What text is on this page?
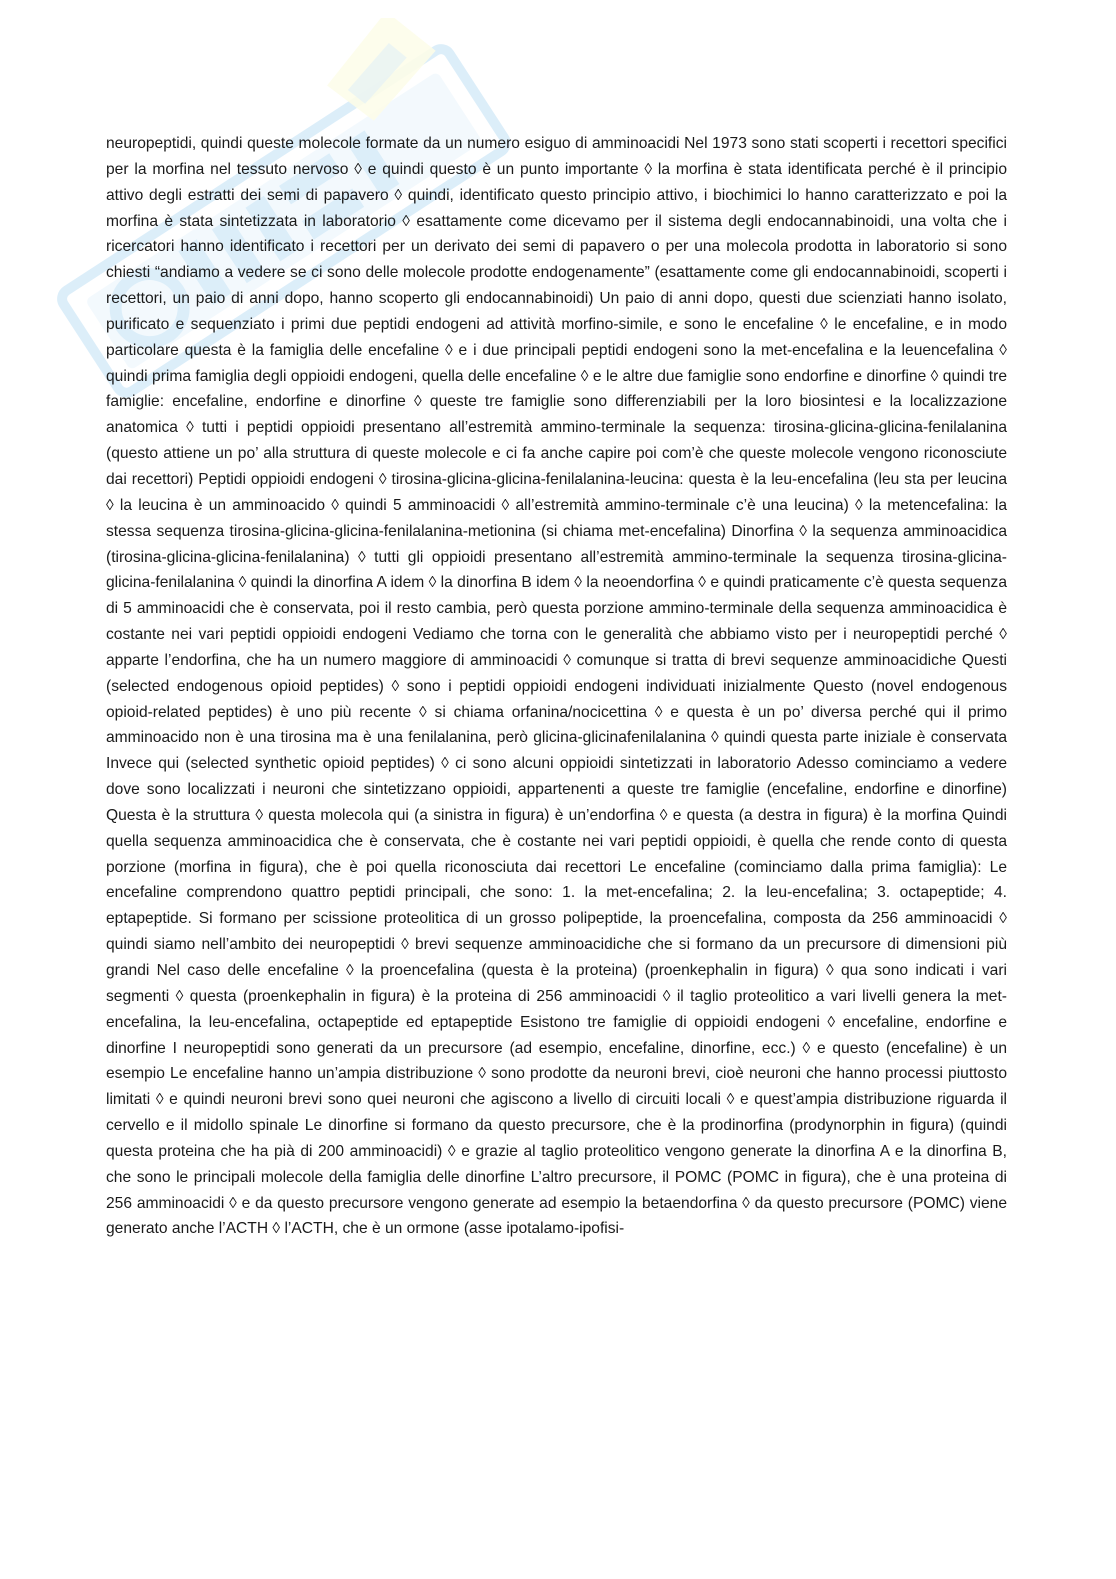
neuropeptidi, quindi queste molecole formate da un numero esiguo di amminoacidi Nel 1973 sono stati scoperti i recettori specifici per la morfina nel tessuto nervoso ◊ e quindi questo è un punto importante ◊ la morfina è stata identificata perché è il principio attivo degli estratti dei semi di papavero ◊ quindi, identificato questo principio attivo, i biochimici lo hanno caratterizzato e poi la morfina è stata sintetizzata in laboratorio ◊ esattamente come dicevamo per il sistema degli endocannabinoidi, una volta che i ricercatori hanno identificato i recettori per un derivato dei semi di papavero o per una molecola prodotta in laboratorio si sono chiesti “andiamo a vedere se ci sono delle molecole prodotte endogenamente” (esattamente come gli endocannabinoidi, scoperti i recettori, un paio di anni dopo, hanno scoperto gli endocannabinoidi) Un paio di anni dopo, questi due scienziati hanno isolato, purificato e sequenziato i primi due peptidi endogeni ad attività morfino-simile, e sono le encefaline ◊ le encefaline, e in modo particolare questa è la famiglia delle encefaline ◊ e i due principali peptidi endogeni sono la met-encefalina e la leuencefalina ◊ quindi prima famiglia degli oppioidi endogeni, quella delle encefaline ◊ e le altre due famiglie sono endorfine e dinorfine ◊ quindi tre famiglie: encefaline, endorfine e dinorfine ◊ queste tre famiglie sono differenziabili per la loro biosintesi e la localizzazione anatomica ◊ tutti i peptidi oppioidi presentano all’estremità ammino-terminale la sequenza: tirosina-glicina-glicina-fenilalanina (questo attiene un po’ alla struttura di queste molecole e ci fa anche capire poi com’è che queste molecole vengono riconosciute dai recettori) Peptidi oppioidi endogeni ◊ tirosina-glicina-glicina-fenilalanina-leucina: questa è la leu-encefalina (leu sta per leucina ◊ la leucina è un amminoacido ◊ quindi 5 amminoacidi ◊ all’estremità ammino-terminale c’è una leucina) ◊ la metencefalina: la stessa sequenza tirosina-glicina-glicina-fenilalanina-metionina (si chiama met-encefalina) Dinorfina ◊ la sequenza amminoacidica (tirosina-glicina-glicina-fenilalanina) ◊ tutti gli oppioidi presentano all’estremità ammino-terminale la sequenza tirosina-glicina-glicina-fenilalanina ◊ quindi la dinorfina A idem ◊ la dinorfina B idem ◊ la neoendorfina ◊ e quindi praticamente c’è questa sequenza di 5 amminoacidi che è conservata, poi il resto cambia, però questa porzione ammino-terminale della sequenza amminoacidica è costante nei vari peptidi oppioidi endogeni Vediamo che torna con le generalità che abbiamo visto per i neuropeptidi perché ◊ apparte l’endorfina, che ha un numero maggiore di amminoacidi ◊ comunque si tratta di brevi sequenze amminoacidiche Questi (selected endogenous opioid peptides) ◊ sono i peptidi oppioidi endogeni individuati inizialmente Questo (novel endogenous opioid-related peptides) è uno più recente ◊ si chiama orfanina/nocicettina ◊ e questa è un po’ diversa perché qui il primo amminoacido non è una tirosina ma è una fenilalanina, però glicina-glicinafenilalanina ◊ quindi questa parte iniziale è conservata Invece qui (selected synthetic opioid peptides) ◊ ci sono alcuni oppioidi sintetizzati in laboratorio Adesso cominciamo a vedere dove sono localizzati i neuroni che sintetizzano oppioidi, appartenenti a queste tre famiglie (encefaline, endorfine e dinorfine) Questa è la struttura ◊ questa molecola qui (a sinistra in figura) è un’endorfina ◊ e questa (a destra in figura) è la morfina Quindi quella sequenza amminoacidica che è conservata, che è costante nei vari peptidi oppioidi, è quella che rende conto di questa porzione (morfina in figura), che è poi quella riconosciuta dai recettori Le encefaline (cominciamo dalla prima famiglia): Le encefaline comprendono quattro peptidi principali, che sono: 1. la met-encefalina; 2. la leu-encefalina; 3. octapeptide; 4. eptapeptide. Si formano per scissione proteolitica di un grosso polipeptide, la proencefalina, composta da 256 amminoacidi ◊ quindi siamo nell’ambito dei neuropeptidi ◊ brevi sequenze amminoacidiche che si formano da un precursore di dimensioni più grandi Nel caso delle encefaline ◊ la proencefalina (questa è la proteina) (proenkephalin in figura) ◊ qua sono indicati i vari segmenti ◊ questa (proenkephalin in figura) è la proteina di 256 amminoacidi ◊ il taglio proteolitico a vari livelli genera la met-encefalina, la leu-encefalina, octapeptide ed eptapeptide Esistono tre famiglie di oppioidi endogeni ◊ encefaline, endorfine e dinorfine I neuropeptidi sono generati da un precursore (ad esempio, encefaline, dinorfine, ecc.) ◊ e questo (encefaline) è un esempio Le encefaline hanno un’ampia distribuzione ◊ sono prodotte da neuroni brevi, cioè neuroni che hanno processi piuttosto limitati ◊ e quindi neuroni brevi sono quei neuroni che agiscono a livello di circuiti locali ◊ e quest’ampia distribuzione riguarda il cervello e il midollo spinale Le dinorfine si formano da questo precursore, che è la prodinorfina (prodynorphin in figura) (quindi questa proteina che ha pià di 200 amminoacidi) ◊ e grazie al taglio proteolitico vengono generate la dinorfina A e la dinorfina B, che sono le principali molecole della famiglia delle dinorfine L’altro precursore, il POMC (POMC in figura), che è una proteina di 256 amminoacidi ◊ e da questo precursore vengono generate ad esempio la betaendorfina ◊ da questo precursore (POMC) viene generato anche l’ACTH ◊ l’ACTH, che è un ormone (asse ipotalamo-ipofisi-
